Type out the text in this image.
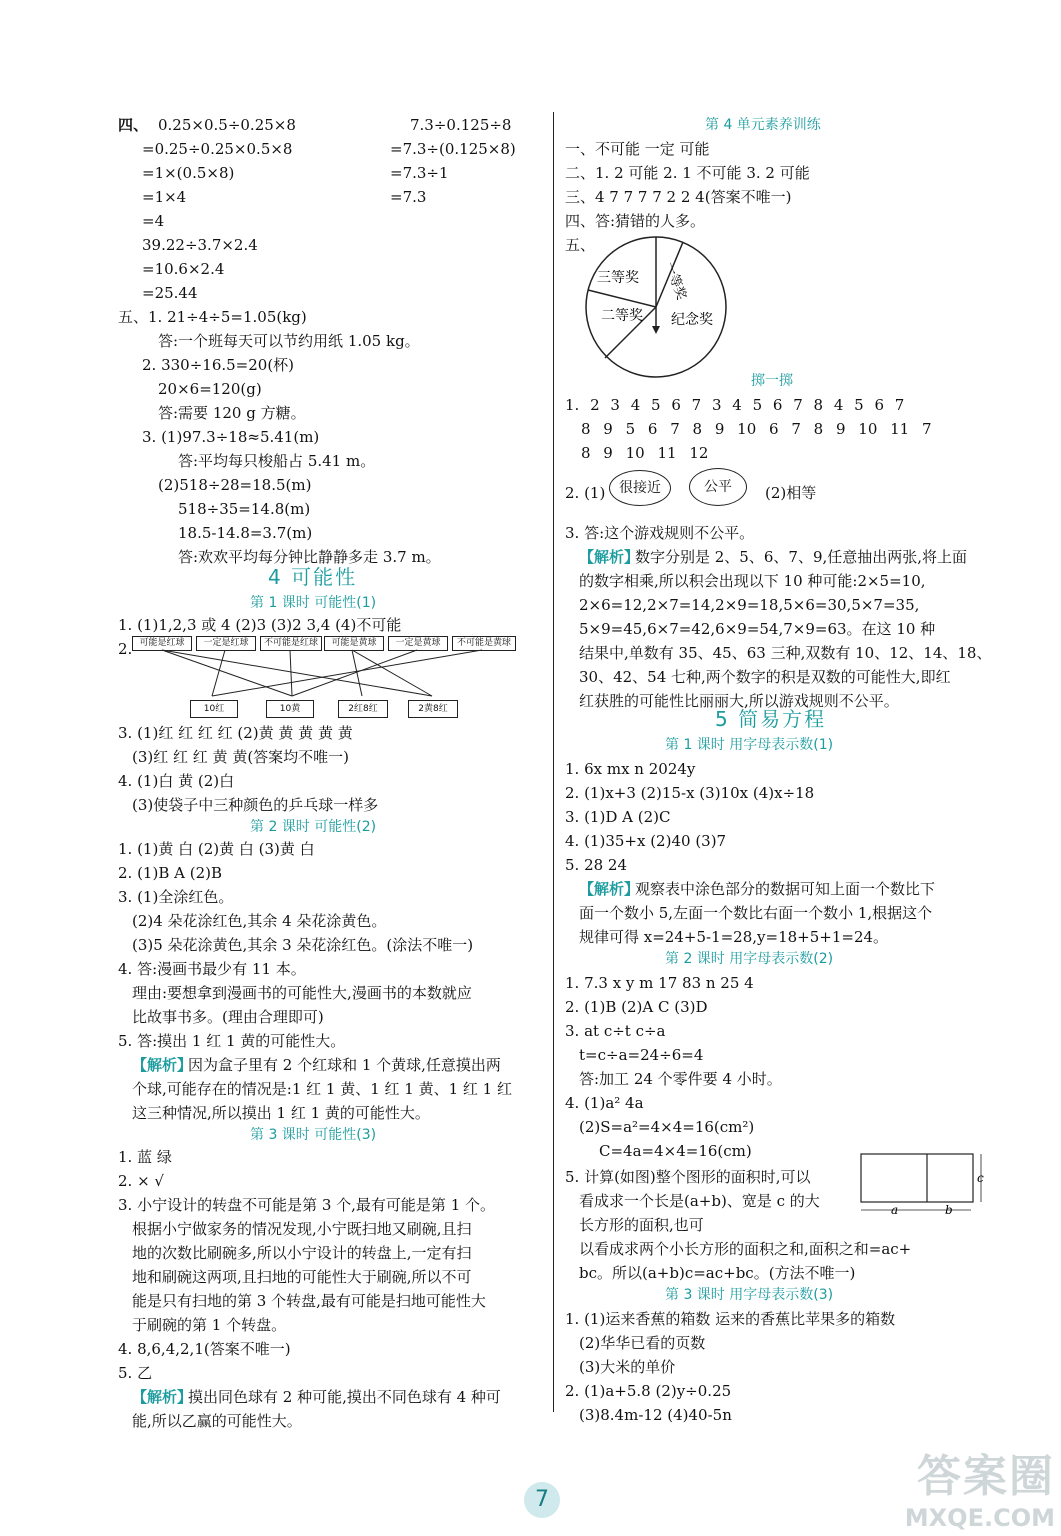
四、 0.25×0.5÷0.25×8	7.3÷0.125÷8
=0.25÷0.25×0.5×8	=7.3÷(0.125×8)
=1×(0.5×8)	=7.3÷1
=1×4	=7.3
=4
39.22÷3.7×2.4
=10.6×2.4
=25.44
五、1. 21÷4÷5=1.05(kg)
答:一个班每天可以节约用纸 1.05 kg。
2. 330÷16.5=20(杯)
20×6=120(g)
答:需要 120 g 方糖。
3. (1)97.3÷18≈5.41(m)
答:平均每只梭船占 5.41 m。
(2)518÷28=18.5(m)
518÷35=14.8(m)
18.5-14.8=3.7(m)
答:欢欢平均每分钟比静静多走 3.7 m。
4 可能性
第 1 课时 可能性(1)
1. (1)1,2,3 或 4 (2)3 (3)2 3,4 (4)不可能
2. 可能是红球	一定是红球	不可能是红球	可能是黄球	一定是黄球	不可能是黄球
10红	10黄	2红8红	2黄8红
3. (1)红 红 红 红 (2)黄 黄 黄 黄 黄
(3)红 红 红 黄 黄(答案均不唯一)
4. (1)白 黄 (2)白
(3)使袋子中三种颜色的乒乓球一样多
第 2 课时 可能性(2)
1. (1)黄 白 (2)黄 白 (3)黄 白
2. (1)B A (2)B
3. (1)全涂红色。
(2)4 朵花涂红色,其余 4 朵花涂黄色。
(3)5 朵花涂黄色,其余 3 朵花涂红色。(涂法不唯一)
4. 答:漫画书最少有 11 本。
理由:要想拿到漫画书的可能性大,漫画书的本数就应
比故事书多。(理由合理即可)
5. 答:摸出 1 红 1 黄的可能性大。
【解析】
因为盒子里有 2 个红球和 1 个黄球,任意摸出两
个球,可能存在的情况是:1 红 1 黄、1 红 1 黄、1 红 1 红
这三种情况,所以摸出 1 红 1 黄的可能性大。
第 3 课时 可能性(3)
1. 蓝 绿
2. × √
3. 小宁设计的转盘不可能是第 3 个,最有可能是第 1 个。
根据小宁做家务的情况发现,小宁既扫地又刷碗,且扫
地的次数比刷碗多,所以小宁设计的转盘上,一定有扫
地和刷碗这两项,且扫地的可能性大于刷碗,所以不可
能是只有扫地的第 3 个转盘,最有可能是扫地可能性大
于刷碗的第 1 个转盘。
4. 8,6,4,2,1(答案不唯一)
5. 乙
【解析】
摸出同色球有 2 种可能,摸出不同色球有 4 种可
能,所以乙赢的可能性大。
第 4 单元素养训练
一、不可能 一定 可能
二、1. 2 可能 2. 1 不可能 3. 2 可能
三、4 7 7 7 7 2 2 4(答案不唯一)
四、答:猜错的人多。
五、
一等奖
三等奖
二等奖 纪念奖
掷一掷
1. 2 3 4 5 6 7 3 4 5 6 7 8 4 5 6 7
8 9 5 6 7 8 9 10 6 7 8 9 10 11 7
8 9 10 11 12
2. (1) 很接近	公平	(2)相等
3. 答:这个游戏规则不公平。
【解析】
数字分别是 2、5、6、7、9,任意抽出两张,将上面
的数字相乘,所以积会出现以下 10 种可能:2×5=10,
2×6=12,2×7=14,2×9=18,5×6=30,5×7=35,
5×9=45,6×7=42,6×9=54,7×9=63。在这 10 种
结果中,单数有 35、45、63 三种,双数有 10、12、14、18、
30、42、54 七种,两个数字的积是双数的可能性大,即红
红获胜的可能性比丽丽大,所以游戏规则不公平。
5 简易方程
第 1 课时 用字母表示数(1)
1. 6x mx n 2024y
2. (1)x+3 (2)15-x (3)10x (4)x÷18
3. (1)D A (2)C
4. (1)35+x (2)40 (3)7
5. 28 24
【解析】
观察表中涂色部分的数据可知上面一个数比下
面一个数小 5,左面一个数比右面一个数小 1,根据这个
规律可得 x=24+5-1=28,y=18+5+1=24。
第 2 课时 用字母表示数(2)
1. 7.3 x y m 17 83 n 25 4
2. (1)B (2)A C (3)D
3. at c÷t c÷a
t=c÷a=24÷6=4
答:加工 24 个零件要 4 小时。
4. (1)a² 4a
(2)S=a²=4×4=16(cm²)
C=4a=4×4=16(cm)
5. 计算(如图)整个图形的面积时,可以
看成求一个长是(a+b)、宽是 c 的大
长方形的面积,也可
以看成求两个小长方形的面积之和,面积之和=ac+
bc。所以(a+b)c=ac+bc。(方法不唯一)
a	b
c
第 3 课时 用字母表示数(3)
1. (1)运来香蕉的箱数 运来的香蕉比苹果多的箱数
(2)华华已看的页数
(3)大米的单价
2. (1)a+5.8 (2)y÷0.25
(3)8.4m-12 (4)40-5n
7	答案圈
MXQE.COM
